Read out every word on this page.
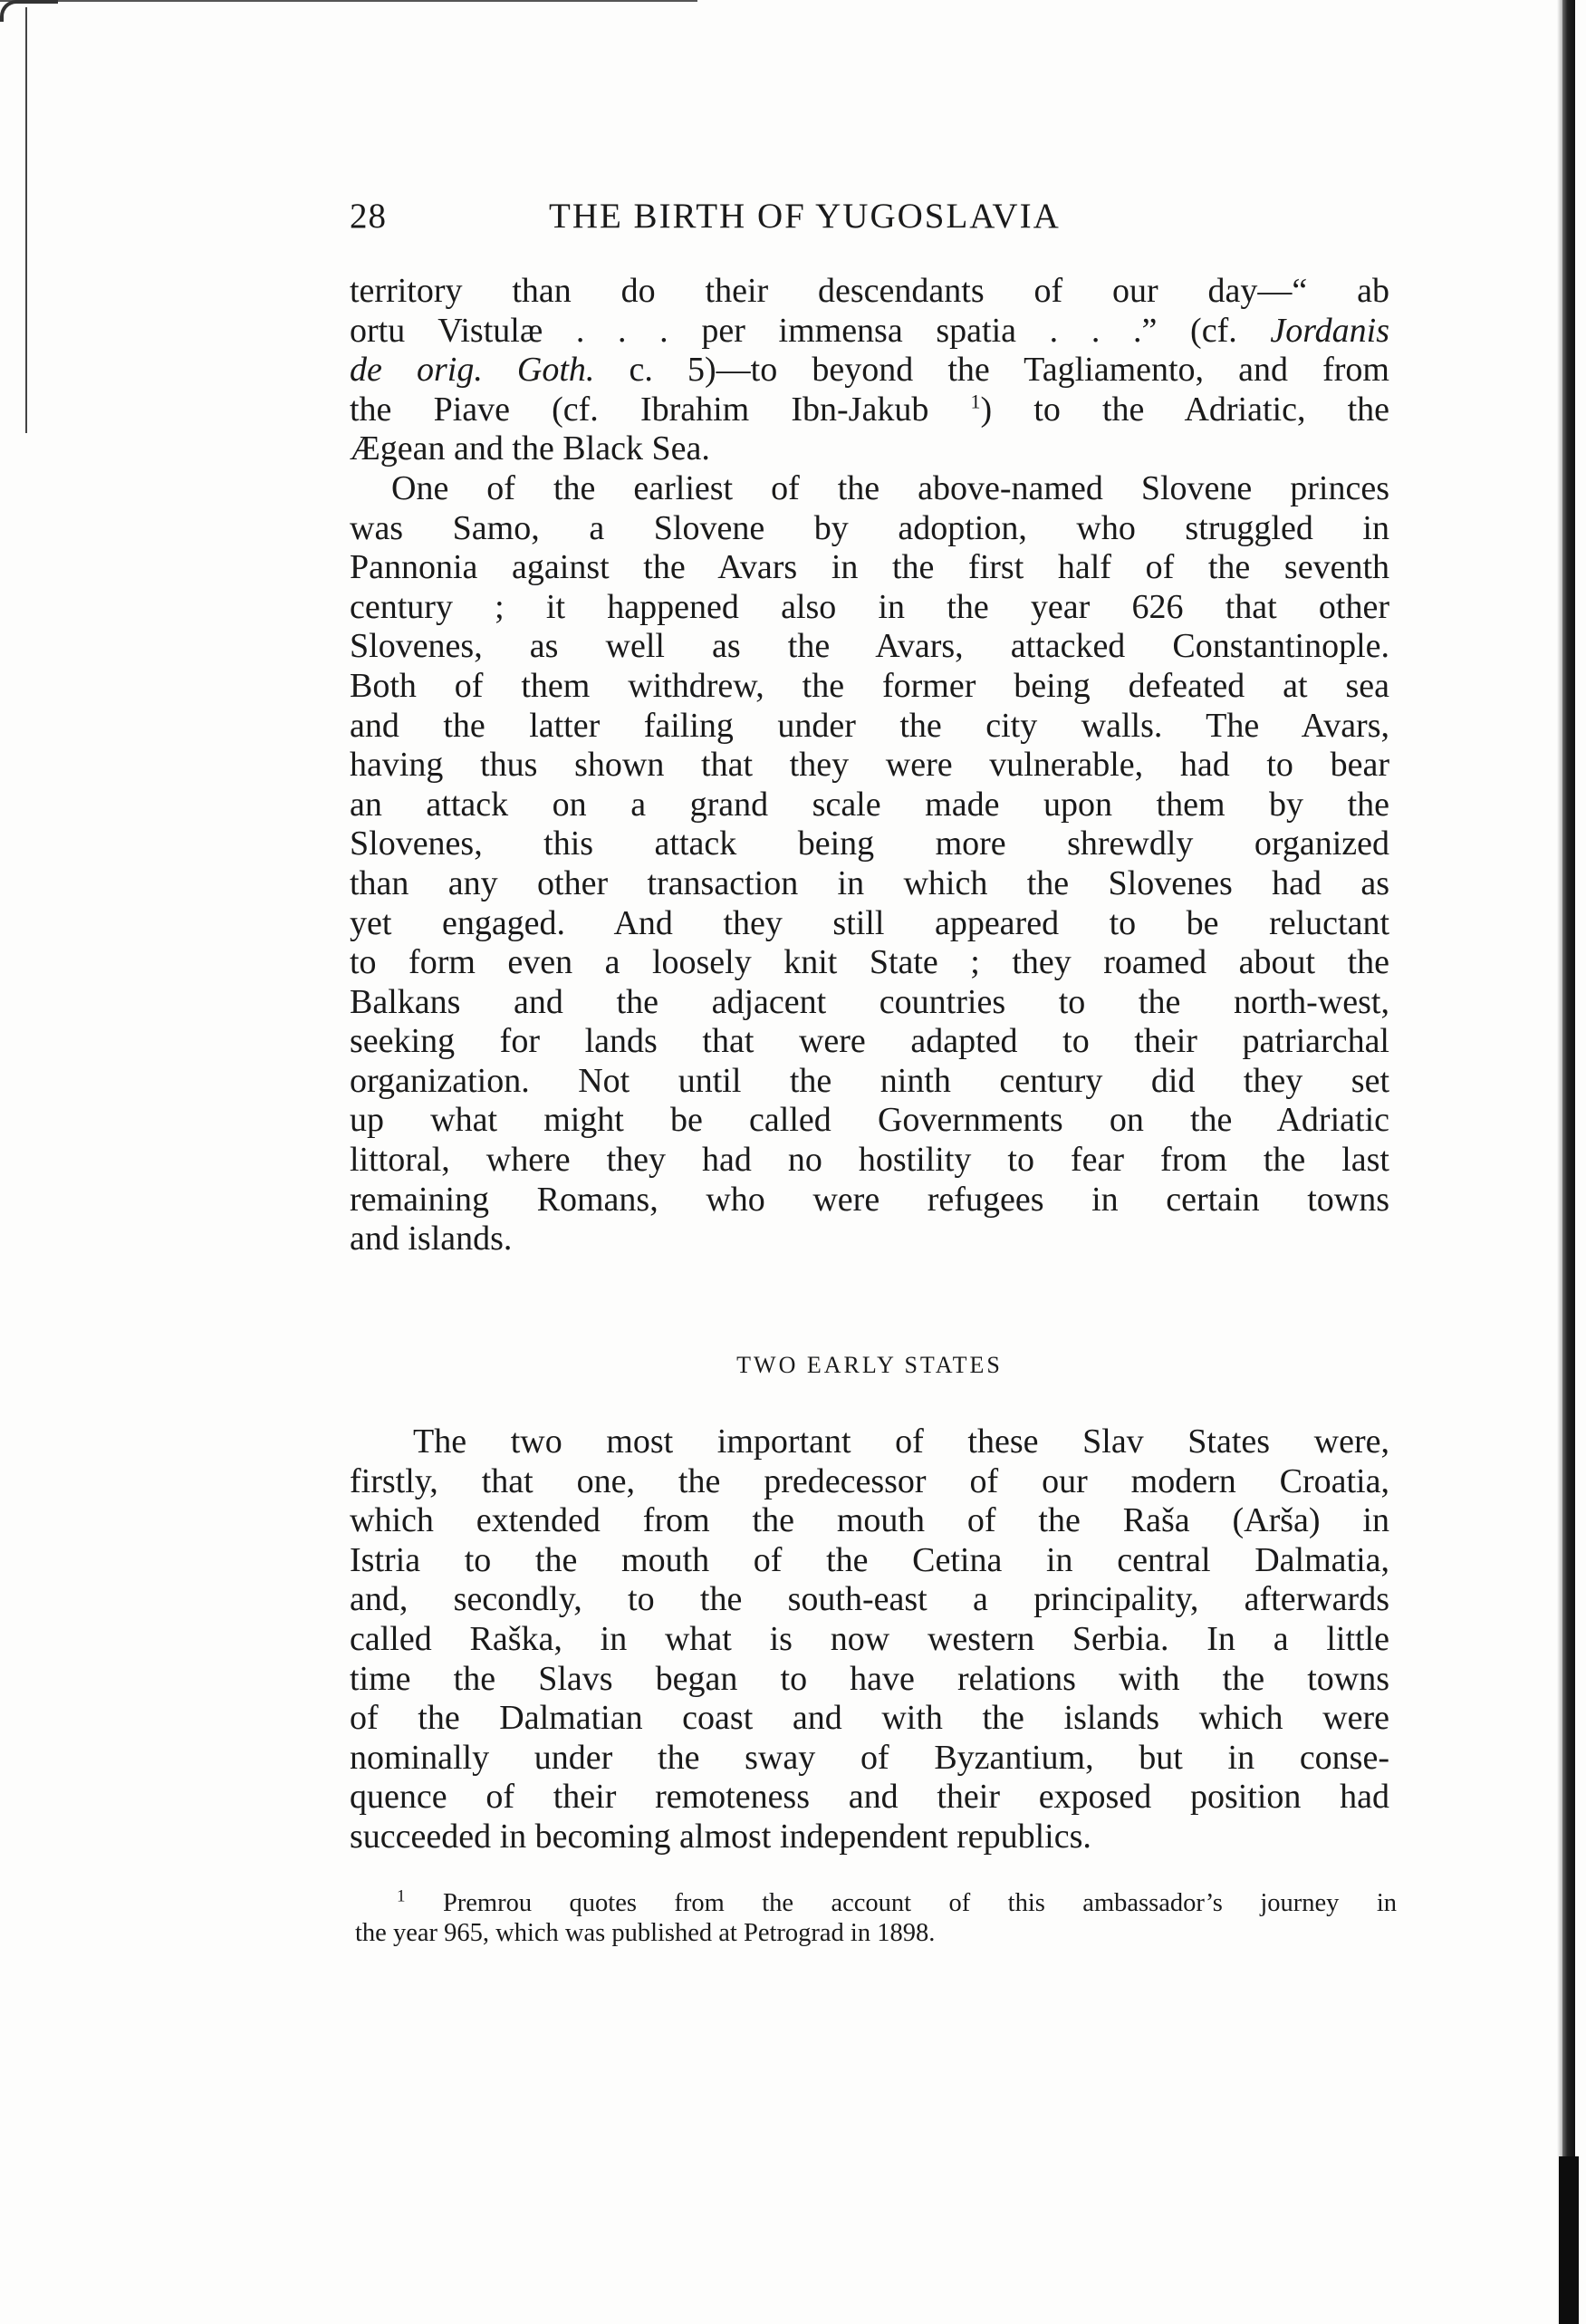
28	THE BIRTH OF YUGOSLAVIA
territory than do their descendants of our day—“ ab
ortu Vistulæ . . . per immensa spatia . . .” (cf. Jordanis
de orig. Goth. c. 5)—to beyond the Tagliamento, and from
the Piave (cf. Ibrahim Ibn-Jakub $^1$) to the Adriatic, the
Ægean and the Black Sea.
One of the earliest of the above-named Slovene princes
was Samo, a Slovene by adoption, who struggled in
Pannonia against the Avars in the first half of the seventh
century ; it happened also in the year 626 that other
Slovenes, as well as the Avars, attacked Constantinople.
Both of them withdrew, the former being defeated at sea
and the latter failing under the city walls. The Avars,
having thus shown that they were vulnerable, had to bear
an attack on a grand scale made upon them by the
Slovenes, this attack being more shrewdly organized
than any other transaction in which the Slovenes had as
yet engaged. And they still appeared to be reluctant
to form even a loosely knit State ; they roamed about the
Balkans and the adjacent countries to the north-west,
seeking for lands that were adapted to their patriarchal
organization. Not until the ninth century did they set
up what might be called Governments on the Adriatic
littoral, where they had no hostility to fear from the last
remaining Romans, who were refugees in certain towns
and islands.
TWO EARLY STATES
The two most important of these Slav States were,
firstly, that one, the predecessor of our modern Croatia,
which extended from the mouth of the Raša (Arša) in
Istria to the mouth of the Cetina in central Dalmatia,
and, secondly, to the south-east a principality, afterwards
called Raška, in what is now western Serbia. In a little
time the Slavs began to have relations with the towns
of the Dalmatian coast and with the islands which were
nominally under the sway of Byzantium, but in conse-
quence of their remoteness and their exposed position had
succeeded in becoming almost independent republics.
$^1$ Premrou quotes from the account of this ambassador’s journey in
the year 965, which was published at Petrograd in 1898.
